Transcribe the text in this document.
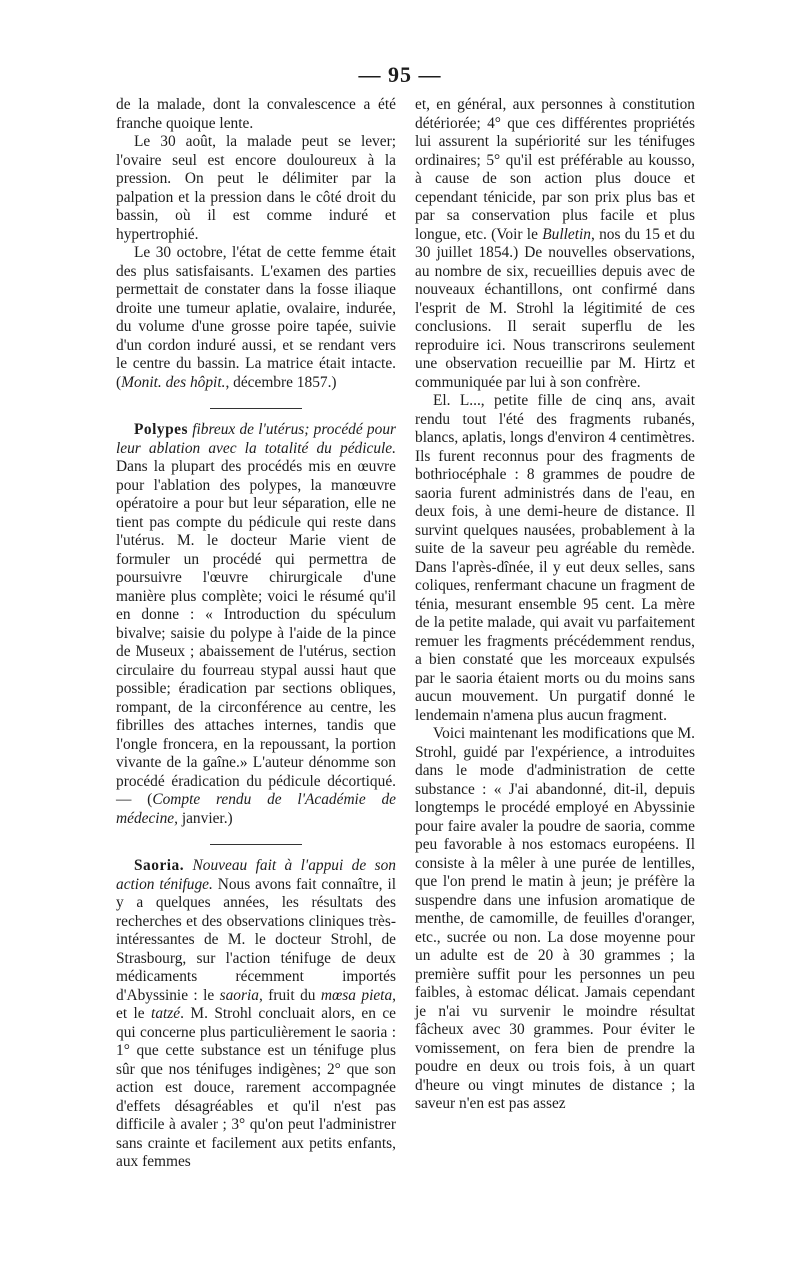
— 95 —

de la malade, dont la convalescence a été franche quoique lente.

Le 30 août, la malade peut se lever; l'ovaire seul est encore douloureux à la pression. On peut le délimiter par la palpation et la pression dans le côté droit du bassin, où il est comme induré et hypertrophié.

Le 30 octobre, l'état de cette femme était des plus satisfaisants. L'examen des parties permettait de constater dans la fosse iliaque droite une tumeur aplatie, ovalaire, indurée, du volume d'une grosse poire tapée, suivie d'un cordon induré aussi, et se rendant vers le centre du bassin. La matrice était intacte. (Monit. des hôpit., décembre 1857.)

Polypes fibreux de l'utérus; procédé pour leur ablation avec la totalité du pédicule. Dans la plupart des procédés mis en œuvre pour l'ablation des polypes, la manœuvre opératoire a pour but leur séparation, elle ne tient pas compte du pédicule qui reste dans l'utérus. M. le docteur Marie vient de formuler un procédé qui permettra de poursuivre l'œuvre chirurgicale d'une manière plus complète; voici le résumé qu'il en donne : « Introduction du spéculum bivalve; saisie du polype à l'aide de la pince de Museux ; abaissement de l'utérus, section circulaire du fourreau stypal aussi haut que possible; éradication par sections obliques, rompant, de la circonférence au centre, les fibrilles des attaches internes, tandis que l'ongle froncera, en la repoussant, la portion vivante de la gaîne.» L'auteur dénomme son procédé éradication du pédicule décortiqué.— (Compte rendu de l'Académie de médecine, janvier.)

Saoria. Nouveau fait à l'appui de son action ténifuge. Nous avons fait connaître, il y a quelques années, les résultats des recherches et des observations cliniques très-intéressantes de M. le docteur Strohl, de Strasbourg, sur l'action ténifuge de deux médicaments récemment importés d'Abyssinie : le saoria, fruit du mœsa pieta, et le tatzé. M. Strohl concluait alors, en ce qui concerne plus particulièrement le saoria : 1° que cette substance est un ténifuge plus sûr que nos ténifuges indigènes; 2° que son action est douce, rarement accompagnée d'effets désagréables et qu'il n'est pas difficile à avaler ; 3° qu'on peut l'administrer sans crainte et facilement aux petits enfants, aux femmes

et, en général, aux personnes à constitution détériorée; 4° que ces différentes propriétés lui assurent la supériorité sur les ténifuges ordinaires; 5° qu'il est préférable au kousso, à cause de son action plus douce et cependant ténicide, par son prix plus bas et par sa conservation plus facile et plus longue, etc. (Voir le Bulletin, nos du 15 et du 30 juillet 1854.) De nouvelles observations, au nombre de six, recueillies depuis avec de nouveaux échantillons, ont confirmé dans l'esprit de M. Strohl la légitimité de ces conclusions. Il serait superflu de les reproduire ici. Nous transcrirons seulement une observation recueillie par M. Hirtz et communiquée par lui à son confrère.

El. L..., petite fille de cinq ans, avait rendu tout l'été des fragments rubanés, blancs, aplatis, longs d'environ 4 centimètres. Ils furent reconnus pour des fragments de bothriocéphale : 8 grammes de poudre de saoria furent administrés dans de l'eau, en deux fois, à une demi-heure de distance. Il survint quelques nausées, probablement à la suite de la saveur peu agréable du remède. Dans l'après-dînée, il y eut deux selles, sans coliques, renfermant chacune un fragment de ténia, mesurant ensemble 95 cent. La mère de la petite malade, qui avait vu parfaitement remuer les fragments précédemment rendus, a bien constaté que les morceaux expulsés par le saoria étaient morts ou du moins sans aucun mouvement. Un purgatif donné le lendemain n'amena plus aucun fragment.

Voici maintenant les modifications que M. Strohl, guidé par l'expérience, a introduites dans le mode d'administration de cette substance : « J'ai abandonné, dit-il, depuis longtemps le procédé employé en Abyssinie pour faire avaler la poudre de saoria, comme peu favorable à nos estomacs européens. Il consiste à la mêler à une purée de lentilles, que l'on prend le matin à jeun; je préfère la suspendre dans une infusion aromatique de menthe, de camomille, de feuilles d'oranger, etc., sucrée ou non. La dose moyenne pour un adulte est de 20 à 30 grammes ; la première suffit pour les personnes un peu faibles, à estomac délicat. Jamais cependant je n'ai vu survenir le moindre résultat fâcheux avec 30 grammes. Pour éviter le vomissement, on fera bien de prendre la poudre en deux ou trois fois, à un quart d'heure ou vingt minutes de distance ; la saveur n'en est pas assez
